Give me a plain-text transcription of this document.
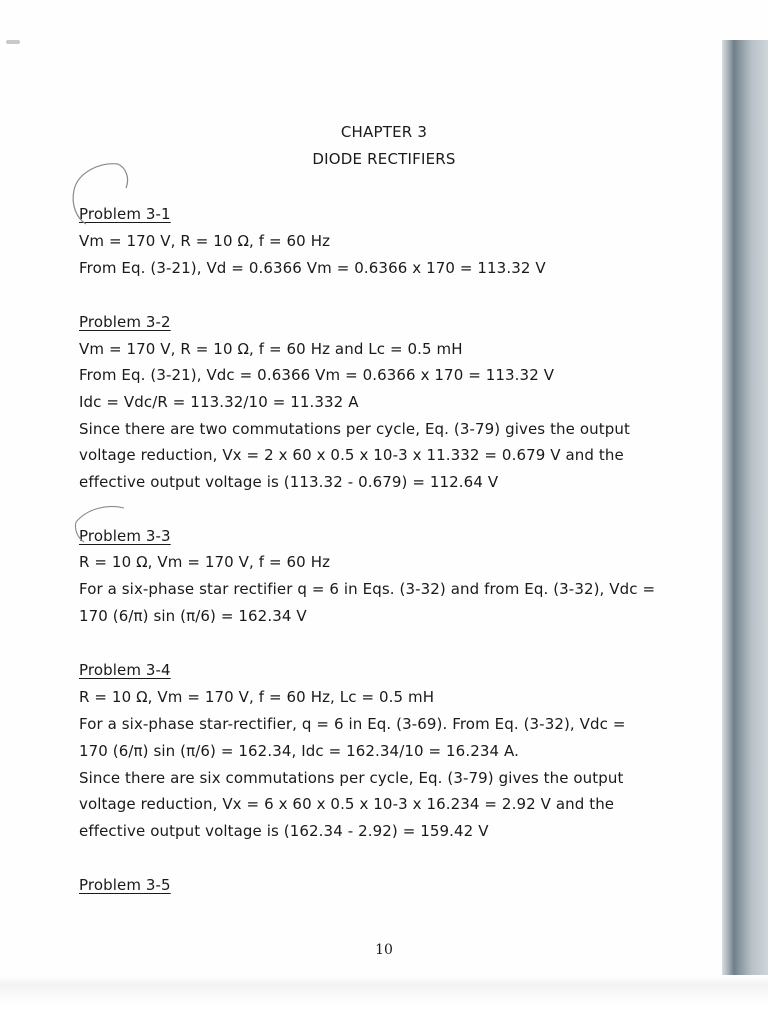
CHAPTER 3
DIODE RECTIFIERS
Problem 3-1
Vm = 170 V, R = 10 Ω, f = 60 Hz
From Eq. (3-21), Vd = 0.6366 Vm = 0.6366 x 170 = 113.32 V
Problem 3-2
Vm = 170 V, R = 10 Ω, f = 60 Hz and Lc = 0.5 mH
From Eq. (3-21), Vdc = 0.6366 Vm = 0.6366 x 170 = 113.32 V
Idc = Vdc/R = 113.32/10 = 11.332 A
Since there are two commutations per cycle, Eq. (3-79) gives the output
voltage reduction, Vx = 2 x 60 x 0.5 x 10-3 x 11.332 = 0.679 V and the
effective output voltage is (113.32 - 0.679) = 112.64 V
Problem 3-3
R = 10 Ω, Vm = 170 V, f = 60 Hz
For a six-phase star rectifier q = 6 in Eqs. (3-32) and from Eq. (3-32), Vdc =
170 (6/π) sin (π/6) = 162.34 V
Problem 3-4
R = 10 Ω, Vm = 170 V, f = 60 Hz, Lc = 0.5 mH
For a six-phase star-rectifier, q = 6 in Eq. (3-69). From Eq. (3-32), Vdc =
170 (6/π) sin (π/6) = 162.34, Idc = 162.34/10 = 16.234 A.
Since there are six commutations per cycle, Eq. (3-79) gives the output
voltage reduction, Vx = 6 x 60 x 0.5 x 10-3 x 16.234 = 2.92 V and the
effective output voltage is (162.34 - 2.92) = 159.42 V
Problem 3-5
10
